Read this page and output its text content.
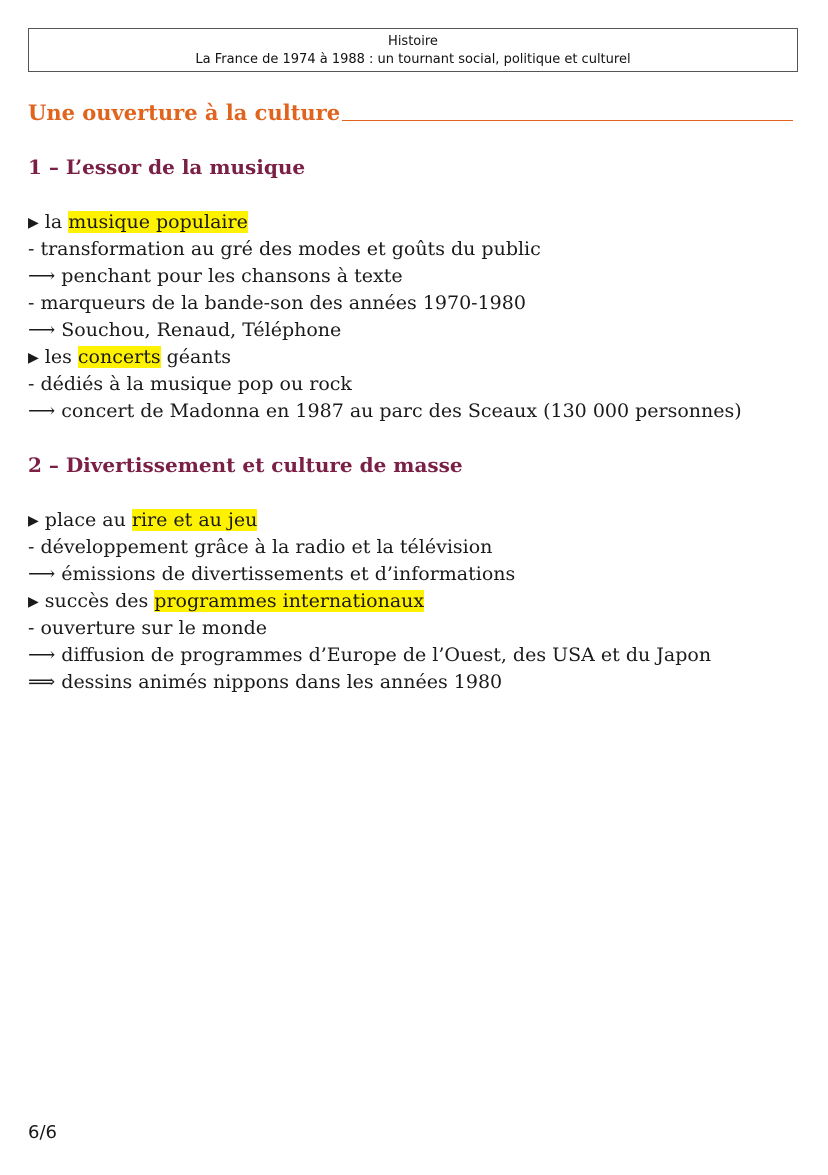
Histoire
La France de 1974 à 1988 : un tournant social, politique et culturel
Une ouverture à la culture
1 – L’essor de la musique
▶ la musique populaire
- transformation au gré des modes et goûts du public
⟶ penchant pour les chansons à texte
- marqueurs de la bande-son des années 1970-1980
⟶ Souchou, Renaud, Téléphone
▶ les concerts géants
- dédiés à la musique pop ou rock
⟶ concert de Madonna en 1987 au parc des Sceaux (130 000 personnes)
2 – Divertissement et culture de masse
▶ place au rire et au jeu
- développement grâce à la radio et la télévision
⟶ émissions de divertissements et d’informations
▶ succès des programmes internationaux
- ouverture sur le monde
⟶ diffusion de programmes d’Europe de l’Ouest, des USA et du Japon
⟹ dessins animés nippons dans les années 1980
6/6
